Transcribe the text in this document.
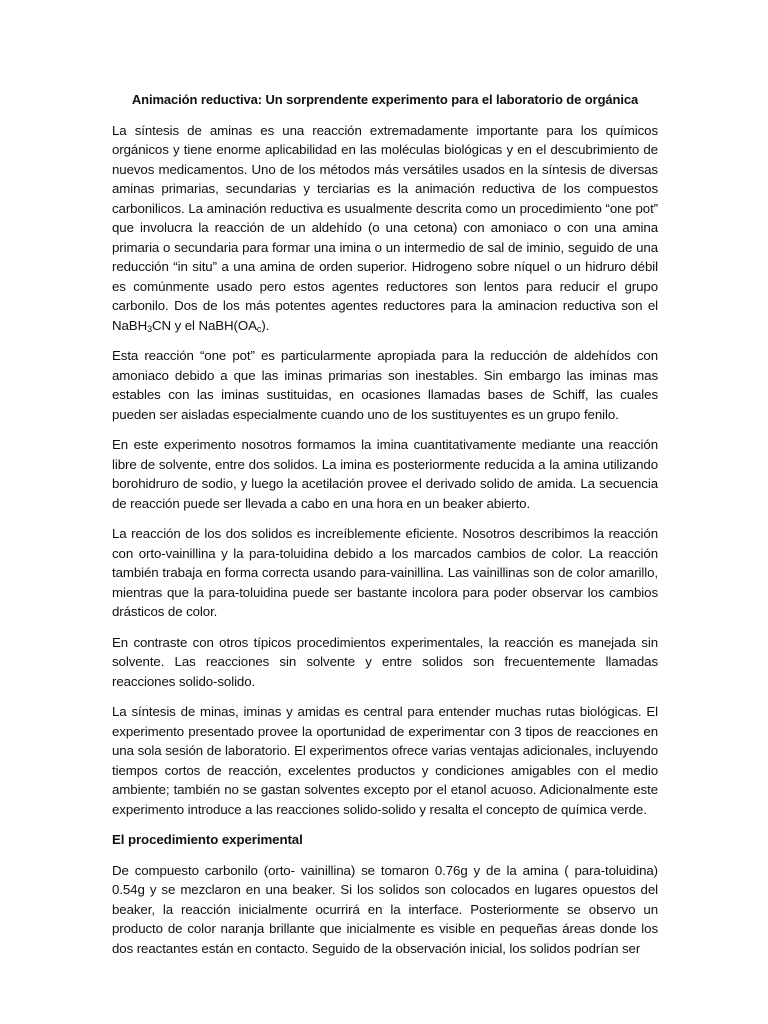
Animación reductiva: Un sorprendente experimento para el laboratorio de orgánica

La síntesis de aminas es una reacción extremadamente importante para los químicos orgánicos y tiene enorme aplicabilidad en las moléculas biológicas y en el descubrimiento de nuevos medicamentos. Uno de los métodos más versátiles usados en la síntesis de diversas aminas primarias, secundarias y terciarias es la animación reductiva de los compuestos carbonilicos. La aminación reductiva es usualmente descrita como un procedimiento “one pot” que involucra la reacción de un aldehído (o una cetona) con amoniaco o con una amina primaria o secundaria para formar una imina o un intermedio de sal de iminio, seguido de una reducción “in situ” a una amina de orden superior. Hidrogeno sobre níquel o un hidruro débil es comúnmente usado pero estos agentes reductores son lentos para reducir el grupo carbonilo. Dos de los más potentes agentes reductores para la aminacion reductiva son el NaBH$_3$CN y el $NaBH(OA_c)$.

Esta reacción “one pot” es particularmente apropiada para la reducción de aldehídos con amoniaco debido a que las iminas primarias son inestables. Sin embargo las iminas mas estables con las iminas sustituidas, en ocasiones llamadas bases de Schiff, las cuales pueden ser aisladas especialmente cuando uno de los sustituyentes es un grupo fenilo.

En este experimento nosotros formamos la imina cuantitativamente mediante una reacción libre de solvente, entre dos solidos. La imina es posteriormente reducida a la amina utilizando borohidruro de sodio, y luego la acetilación provee el derivado solido de amida. La secuencia de reacción puede ser llevada a cabo en una hora en un beaker abierto.

La reacción de los dos solidos es increíblemente eficiente. Nosotros describimos la reacción con orto-vainillina y la para-toluidina debido a los marcados cambios de color. La reacción también trabaja en forma correcta usando para-vainillina. Las vainillinas son de color amarillo, mientras que la para-toluidina puede ser bastante incolora para poder observar los cambios drásticos de color.

En contraste con otros típicos procedimientos experimentales, la reacción es manejada sin solvente. Las reacciones sin solvente y entre solidos son frecuentemente llamadas reacciones solido-solido.

La síntesis de minas, iminas y amidas es central para entender muchas rutas biológicas. El experimento presentado provee la oportunidad de experimentar con 3 tipos de reacciones en una sola sesión de laboratorio. El experimentos ofrece varias ventajas adicionales, incluyendo tiempos cortos de reacción, excelentes productos y condiciones amigables con el medio ambiente; también no se gastan solventes excepto por el etanol acuoso. Adicionalmente este experimento introduce a las reacciones solido-solido y resalta el concepto de química verde.

El procedimiento experimental

De compuesto carbonilo (orto- vainillina) se tomaron 0.76g y de la amina ( para-toluidina) 0.54g y se mezclaron en una beaker. Si los solidos son colocados en lugares opuestos del beaker, la reacción inicialmente ocurrirá en la interface. Posteriormente se observo un producto de color naranja brillante que inicialmente es visible en pequeñas áreas donde los dos reactantes están en contacto. Seguido de la observación inicial, los solidos podrían ser
